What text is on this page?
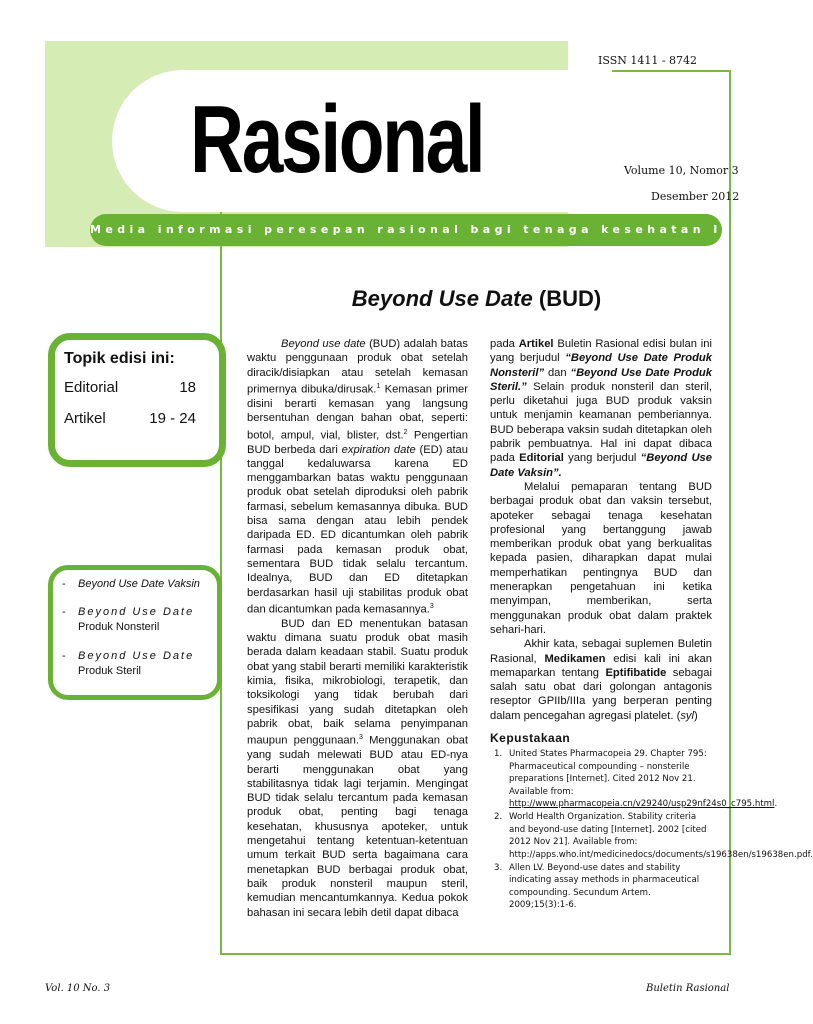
ISSN 1411 - 8742
Rasional	Volume 10, Nomor 3
Desember 2012
Media informasi peresepan rasional bagi tenaga kesehatan Indonesia
Beyond Use Date (BUD)
Topik edisi ini:
Editorial	18
Artikel	19 - 24
- Beyond Use Date Vaksin
- Beyond Use Date
Produk Nonsteril
- Beyond Use Date
Produk Steril

Beyond use date (BUD) adalah batas waktu penggunaan produk obat setelah diracik/disiapkan atau setelah kemasan primernya dibuka/dirusak.$^1$ Kemasan primer disini berarti kemasan yang langsung bersentuhan dengan bahan obat, seperti: botol, ampul, vial, blister, dst.$^2$ Pengertian BUD berbeda dari expiration date (ED) atau tanggal kedaluwarsa karena ED menggambarkan batas waktu penggunaan produk obat setelah diproduksi oleh pabrik farmasi, sebelum kemasannya dibuka. BUD bisa sama dengan atau lebih pendek daripada ED. ED dicantumkan oleh pabrik farmasi pada kemasan produk obat, sementara BUD tidak selalu tercantum. Idealnya, BUD dan ED ditetapkan berdasarkan hasil uji stabilitas produk obat dan dicantumkan pada kemasannya.$^3$

BUD dan ED menentukan batasan waktu dimana suatu produk obat masih berada dalam keadaan stabil. Suatu produk obat yang stabil berarti memiliki karakteristik kimia, fisika, mikrobiologi, terapetik, dan toksikologi yang tidak berubah dari spesifikasi yang sudah ditetapkan oleh pabrik obat, baik selama penyimpanan maupun penggunaan.$^3$ Menggunakan obat yang sudah melewati BUD atau ED-nya berarti menggunakan obat yang stabilitasnya tidak lagi terjamin. Mengingat BUD tidak selalu tercantum pada kemasan produk obat, penting bagi tenaga kesehatan, khususnya apoteker, untuk mengetahui tentang ketentuan-ketentuan umum terkait BUD serta bagaimana cara menetapkan BUD berbagai produk obat, baik produk nonsteril maupun steril, kemudian mencantumkannya. Kedua pokok bahasan ini secara lebih detil dapat dibaca

pada Artikel Buletin Rasional edisi bulan ini yang berjudul “Beyond Use Date Produk Nonsteril” dan “Beyond Use Date Produk Steril.” Selain produk nonsteril dan steril, perlu diketahui juga BUD produk vaksin untuk menjamin keamanan pemberiannya. BUD beberapa vaksin sudah ditetapkan oleh pabrik pembuatnya. Hal ini dapat dibaca pada Editorial yang berjudul “Beyond Use Date Vaksin”.

Melalui pemaparan tentang BUD berbagai produk obat dan vaksin tersebut, apoteker sebagai tenaga kesehatan profesional yang bertanggung jawab memberikan produk obat yang berkualitas kepada pasien, diharapkan dapat mulai memperhatikan pentingnya BUD dan menerapkan pengetahuan ini ketika menyimpan, memberikan, serta menggunakan produk obat dalam praktek sehari-hari.

Akhir kata, sebagai suplemen Buletin Rasional, Medikamen edisi kali ini akan memaparkan tentang Eptifibatide sebagai salah satu obat dari golongan antagonis reseptor GPIIb/IIIa yang berperan penting dalam pencegahan agregasi platelet. (syl)

Kepustakaan

1. United States Pharmacopeia 29. Chapter 795: Pharmaceutical compounding – nonsterile preparations [Internet]. Cited 2012 Nov 21. Available from: http://www.pharmacopeia.cn/v29240/usp29nf24s0_c795.html.
2. World Health Organization. Stability criteria and beyond-use dating [Internet]. 2002 [cited 2012 Nov 21]. Available from: http://apps.who.int/medicinedocs/documents/s19638en/s19638en.pdf.
3. Allen LV. Beyond-use dates and stability indicating assay methods in pharmaceutical compounding. Secundum Artem. 2009;15(3):1-6.
Vol. 10 No. 3	Buletin Rasional
